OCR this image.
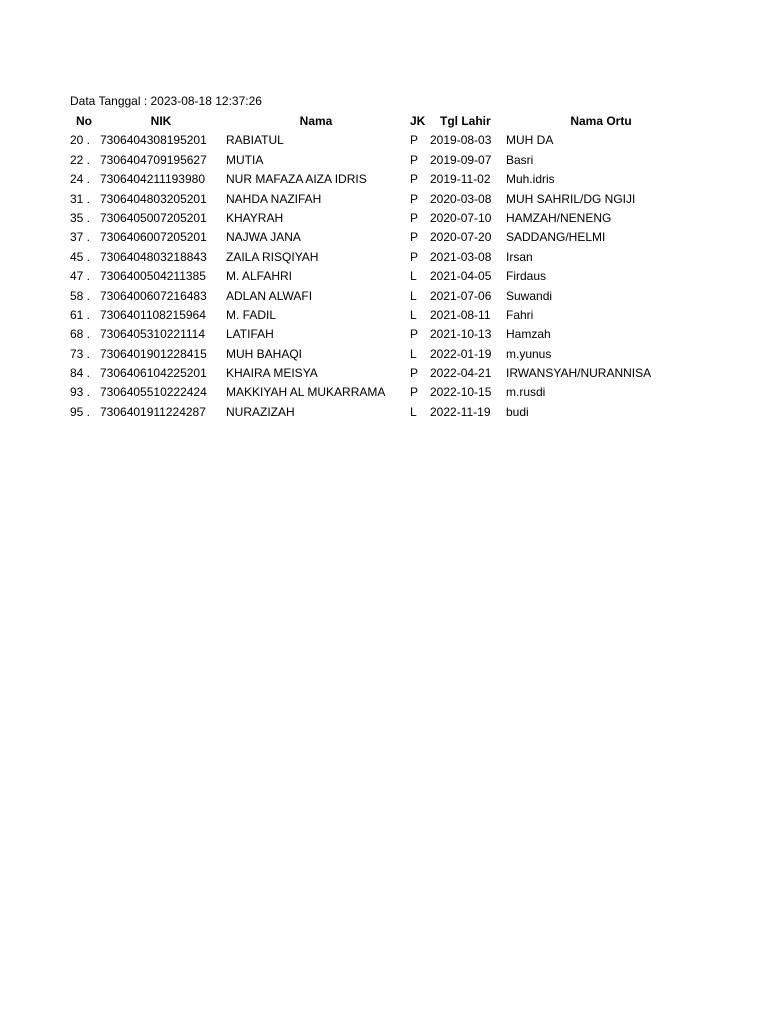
Data Tanggal : 2023-08-18 12:37:26
No	NIK	Nama	JK Tgl Lahir	Nama Ortu
20 . 7306404308195201	RABIATUL	P 2019-08-03	MUH DA
22 . 7306404709195627	MUTIA	P 2019-09-07	Basri
24 . 7306404211193980	NUR MAFAZA AIZA IDRIS	P 2019-11-02	Muh.idris
31 . 7306404803205201	NAHDA NAZIFAH	P 2020-03-08	MUH SAHRIL/DG NGIJI
35 . 7306405007205201	KHAYRAH	P 2020-07-10	HAMZAH/NENENG
37 . 7306406007205201	NAJWA JANA	P 2020-07-20	SADDANG/HELMI
45 . 7306404803218843	ZAILA RISQIYAH	P 2021-03-08	Irsan
47 . 7306400504211385	M. ALFAHRI	L	2021-04-05	Firdaus
58 . 7306400607216483	ADLAN ALWAFI	L	2021-07-06	Suwandi
61 . 7306401108215964	M. FADIL	L	2021-08-11	Fahri
68 . 7306405310221114	LATIFAH	P 2021-10-13	Hamzah
73 . 7306401901228415	MUH BAHAQI	L	2022-01-19	m.yunus
84 . 7306406104225201	KHAIRA MEISYA	P 2022-04-21	IRWANSYAH/NURANNISA
93 . 7306405510222424	MAKKIYAH AL MUKARRAMA	P 2022-10-15	m.rusdi
95 . 7306401911224287	NURAZIZAH	L	2022-11-19	budi
